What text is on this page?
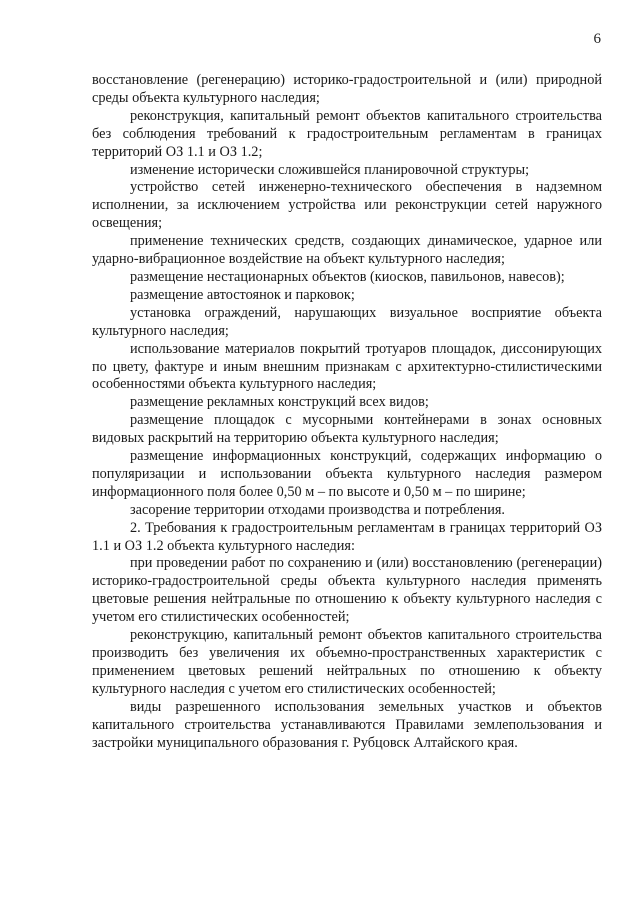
6

восстановление (регенерацию) историко-градостроительной и (или) природной среды объекта культурного наследия;

реконструкция, капитальный ремонт объектов капитального строительства без соблюдения требований к градостроительным регламентам в границах территорий ОЗ 1.1 и ОЗ 1.2;

изменение исторически сложившейся планировочной структуры;

устройство сетей инженерно-технического обеспечения в надземном исполнении, за исключением устройства или реконструкции сетей наружного освещения;

применение технических средств, создающих динамическое, ударное или ударно-вибрационное воздействие на объект культурного наследия;

размещение нестационарных объектов (киосков, павильонов, навесов);

размещение автостоянок и парковок;

установка ограждений, нарушающих визуальное восприятие объекта культурного наследия;

использование материалов покрытий тротуаров площадок, диссонирующих по цвету, фактуре и иным внешним признакам с архитектурно-стилистическими особенностями объекта культурного наследия;

размещение рекламных конструкций всех видов;

размещение площадок с мусорными контейнерами в зонах основных видовых раскрытий на территорию объекта культурного наследия;

размещение информационных конструкций, содержащих информацию о популяризации и использовании объекта культурного наследия размером информационного поля более 0,50 м – по высоте и 0,50 м – по ширине;

засорение территории отходами производства и потребления.

2. Требования к градостроительным регламентам в границах территорий ОЗ 1.1 и ОЗ 1.2 объекта культурного наследия:

при проведении работ по сохранению и (или) восстановлению (регенерации) историко-градостроительной среды объекта культурного наследия применять цветовые решения нейтральные по отношению к объекту культурного наследия с учетом его стилистических особенностей;

реконструкцию, капитальный ремонт объектов капитального строительства производить без увеличения их объемно-пространственных характеристик с применением цветовых решений нейтральных по отношению к объекту культурного наследия с учетом его стилистических особенностей;

виды разрешенного использования земельных участков и объектов капитального строительства устанавливаются Правилами землепользования и застройки муниципального образования г. Рубцовск Алтайского края.
